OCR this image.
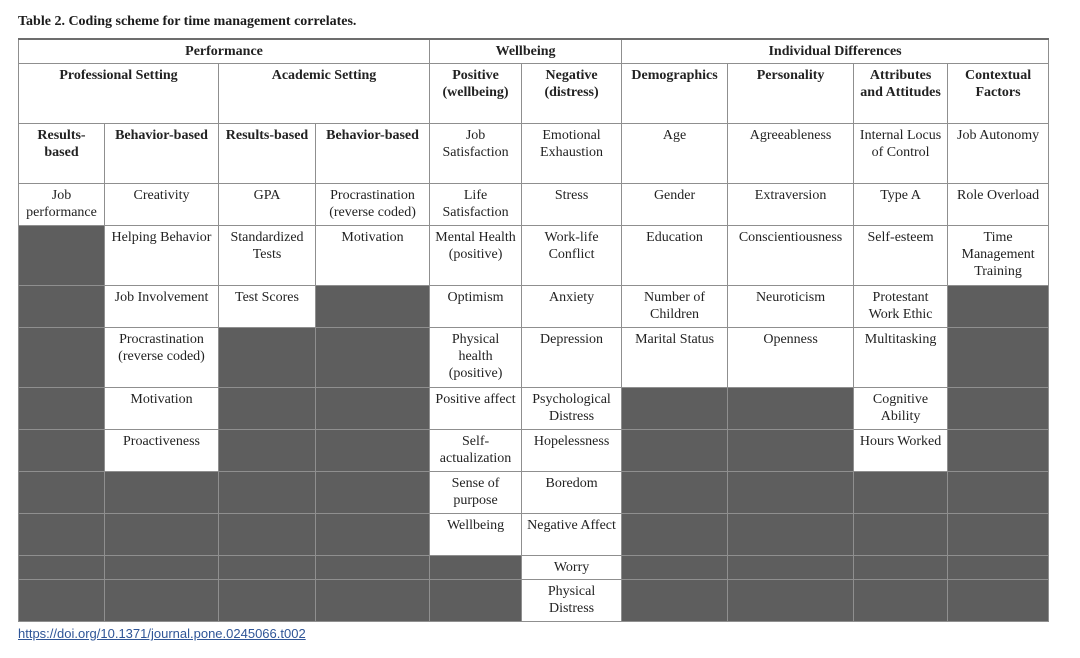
Table 2. Coding scheme for time management correlates.
Performance				Wellbeing		Individual Differences			
Professional Setting		Academic Setting		Positive (wellbeing)	Negative (distress)	Demographics	Personality	Attributes and Attitudes	Contextual Factors
Results-based	Behavior-based	Results-based	Behavior-based	Job Satisfaction	Emotional Exhaustion	Age	Agreeableness	Internal Locus of Control	Job Autonomy
Job performance	Creativity	GPA	Procrastination (reverse coded)	Life Satisfaction	Stress	Gender	Extraversion	Type A	Role Overload
	Helping Behavior	Standardized Tests	Motivation	Mental Health (positive)	Work-life Conflict	Education	Conscientiousness	Self-esteem	Time Management Training
	Job Involvement	Test Scores		Optimism	Anxiety	Number of Children	Neuroticism	Protestant Work Ethic	
	Procrastination (reverse coded)			Physical health (positive)	Depression	Marital Status	Openness	Multitasking	
	Motivation			Positive affect	Psychological Distress			Cognitive Ability	
	Proactiveness			Self-actualization	Hopelessness			Hours Worked	
				Sense of purpose	Boredom				
				Wellbeing	Negative Affect				
					Worry				
					Physical Distress				
https://doi.org/10.1371/journal.pone.0245066.t002
